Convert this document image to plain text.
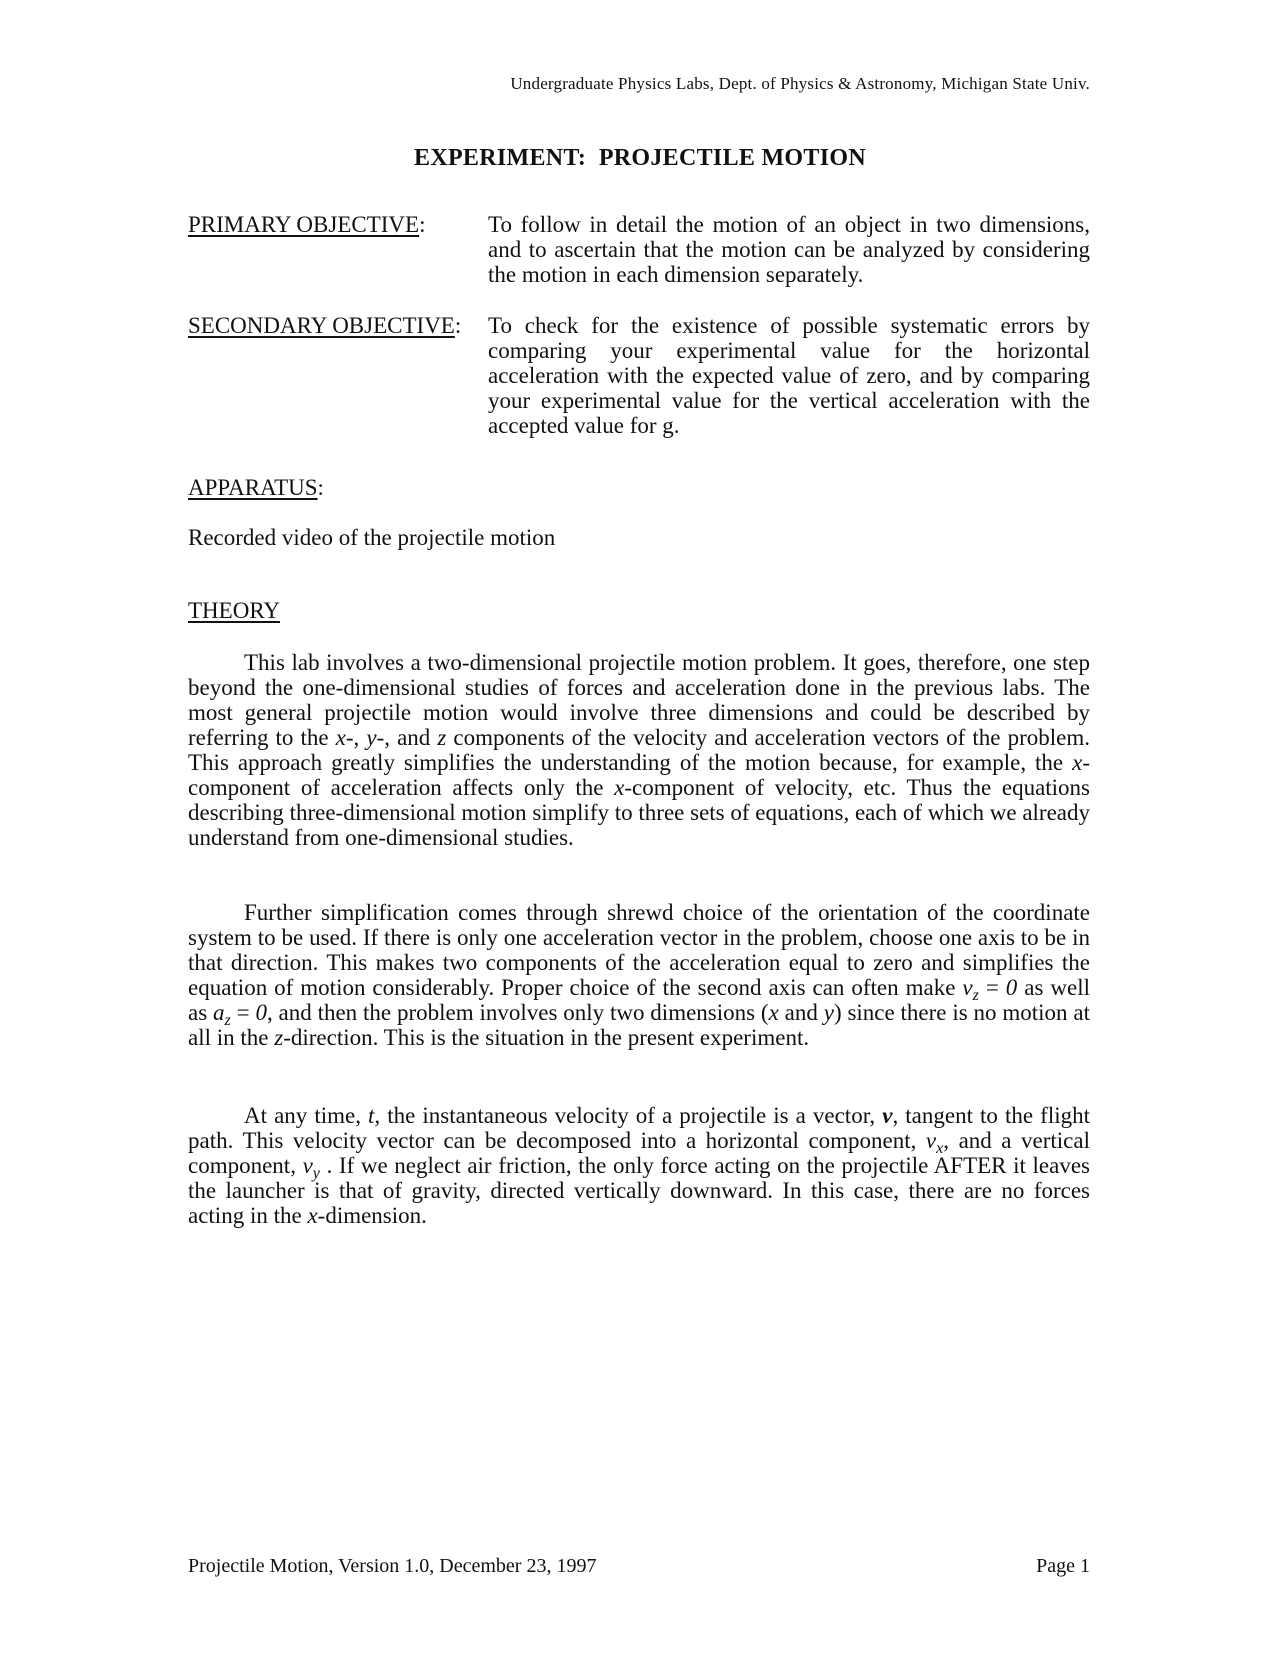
Undergraduate Physics Labs, Dept. of Physics & Astronomy, Michigan State Univ.
EXPERIMENT:  PROJECTILE MOTION
PRIMARY OBJECTIVE:	To follow in detail the motion of an object in two dimensions, and to ascertain that the motion can be analyzed by considering the motion in each dimension separately.
SECONDARY OBJECTIVE: To check for the existence of possible systematic errors by comparing your experimental value for the horizontal acceleration with the expected value of zero, and by comparing your experimental value for the vertical acceleration with the accepted value for g.
APPARATUS:
Recorded video of the projectile motion
THEORY

This lab involves a two-dimensional projectile motion problem. It goes, therefore, one step beyond the one-dimensional studies of forces and acceleration done in the previous labs. The most general projectile motion would involve three dimensions and could be described by referring to the x-, y-, and z components of the velocity and acceleration vectors of the problem. This approach greatly simplifies the understanding of the motion because, for example, the x-component of acceleration affects only the x-component of velocity, etc. Thus the equations describing three-dimensional motion simplify to three sets of equations, each of which we already understand from one-dimensional studies.

Further simplification comes through shrewd choice of the orientation of the coordinate system to be used. If there is only one acceleration vector in the problem, choose one axis to be in that direction. This makes two components of the acceleration equal to zero and simplifies the equation of motion considerably. Proper choice of the second axis can often make $v_z = 0$ as well as $a_z = 0$, and then the problem involves only two dimensions (x and y) since there is no motion at all in the z-direction. This is the situation in the present experiment.

At any time, t, the instantaneous velocity of a projectile is a vector, v, tangent to the flight path. This velocity vector can be decomposed into a horizontal component, $v_x$, and a vertical component, $v_y$ . If we neglect air friction, the only force acting on the projectile AFTER it leaves the launcher is that of gravity, directed vertically downward. In this case, there are no forces acting in the x-dimension.

Projectile Motion, Version 1.0, December 23, 1997	Page 1
